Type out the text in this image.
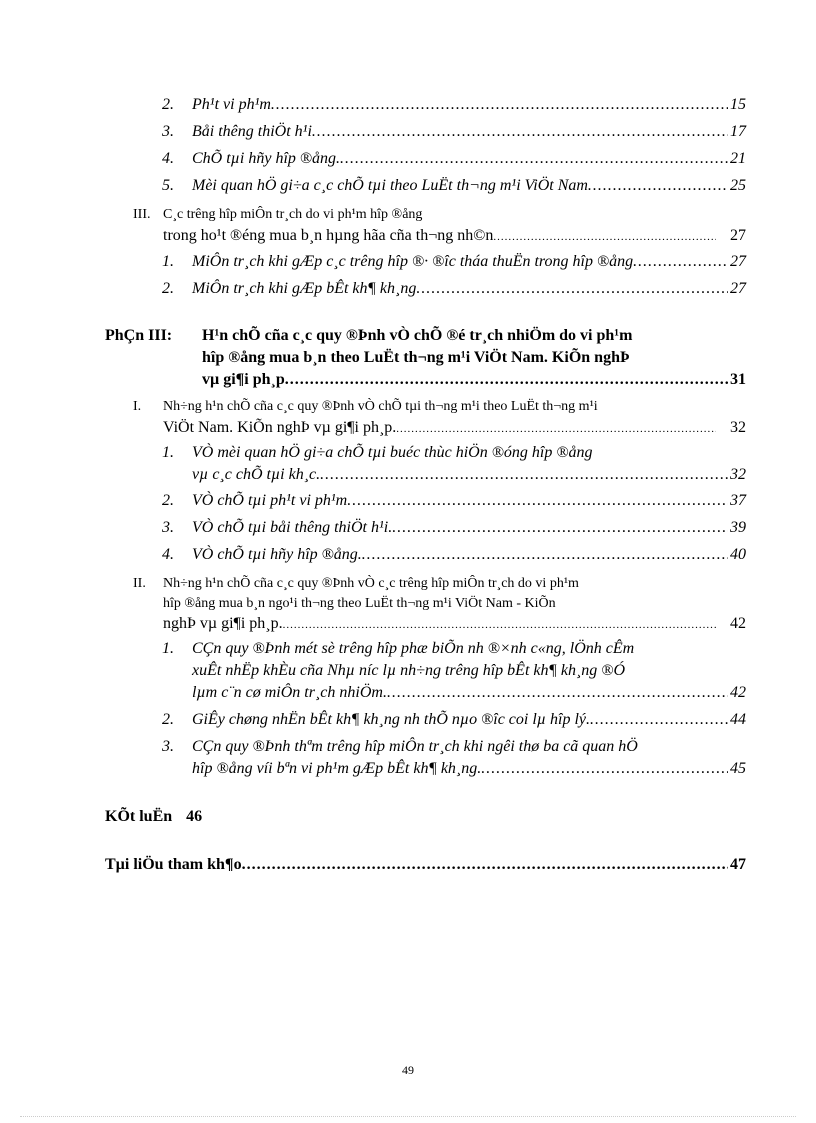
2.	Ph¹t vi ph¹m .....	15
3.	Båi thêng thiÖt h¹i .....	17
4.	ChÕ tµi hñy hîp ®ång. .....	21
5.	Mèi quan hÖ gi÷a c¸c chÕ tµi theo LuËt th¬ng m¹i ViÖt Nam .....	25
III. C¸c trêng hîp miÔn tr¸ch do vi ph¹m hîp ®ång
trong ho¹t ®éng mua b¸n hµng hãa cña th¬ng nh©n .....	27
1.	MiÔn tr¸ch khi gÆp c¸c trêng hîp ®· ®îc tháa thuËn trong hîp ®ång .....	27
2.	MiÔn tr¸ch khi gÆp bÊt kh¶ kh¸ng .....	27
PhÇn III: H¹n chÕ cña c¸c quy ®Þnh vÒ chÕ ®é tr¸ch nhiÖm do vi ph¹m
hîp ®ång mua b¸n theo LuËt th¬ng m¹i ViÖt Nam. KiÕn nghÞ
vµ gi¶i ph¸p .....	31
I. Nh÷ng h¹n chÕ cña c¸c quy ®Þnh vÒ chÕ tµi th¬ng m¹i theo LuËt th¬ng m¹i
ViÖt Nam. KiÕn nghÞ vµ gi¶i ph¸p. .....	32
1. VÒ mèi quan hÖ gi÷a chÕ tµi buéc thùc hiÖn ®óng hîp ®ång
vµ c¸c chÕ tµi kh¸c. .....	32
2.	VÒ chÕ tµi ph¹t vi ph¹m .....	37
3.	VÒ chÕ tµi båi thêng thiÖt h¹i. .....	39
4.	VÒ chÕ tµi hñy hîp ®ång. .....	40
II. Nh÷ng h¹n chÕ cña c¸c quy ®Þnh vÒ c¸c trêng hîp miÔn tr¸ch do vi ph¹m
hîp ®ång mua b¸n ngo¹i th¬ng theo LuËt th¬ng m¹i ViÖt Nam - KiÕn
nghÞ vµ gi¶i ph¸p. .....	42
1. CÇn quy ®Þnh mét sè trêng hîp phæ biÕn nh ®×nh c«ng, lÖnh cÊm
xuÊt nhËp khÈu cña Nhµ níc lµ nh÷ng trêng hîp bÊt kh¶ kh¸ng ®Ó
lµm c¨n cø miÔn tr¸ch nhiÖm. .....	42
2.	GiÊy chøng nhËn bÊt kh¶ kh¸ng nh thÕ nµo ®îc coi lµ hîp lý. .....	44
3. CÇn quy ®Þnh thªm trêng hîp miÔn tr¸ch khi ngêi thø ba cã quan hÖ
hîp ®ång víi bªn vi ph¹m gÆp bÊt kh¶ kh¸ng. .....	45
KÕt luËn 46
Tµi liÖu tham kh¶o .....	47
49
